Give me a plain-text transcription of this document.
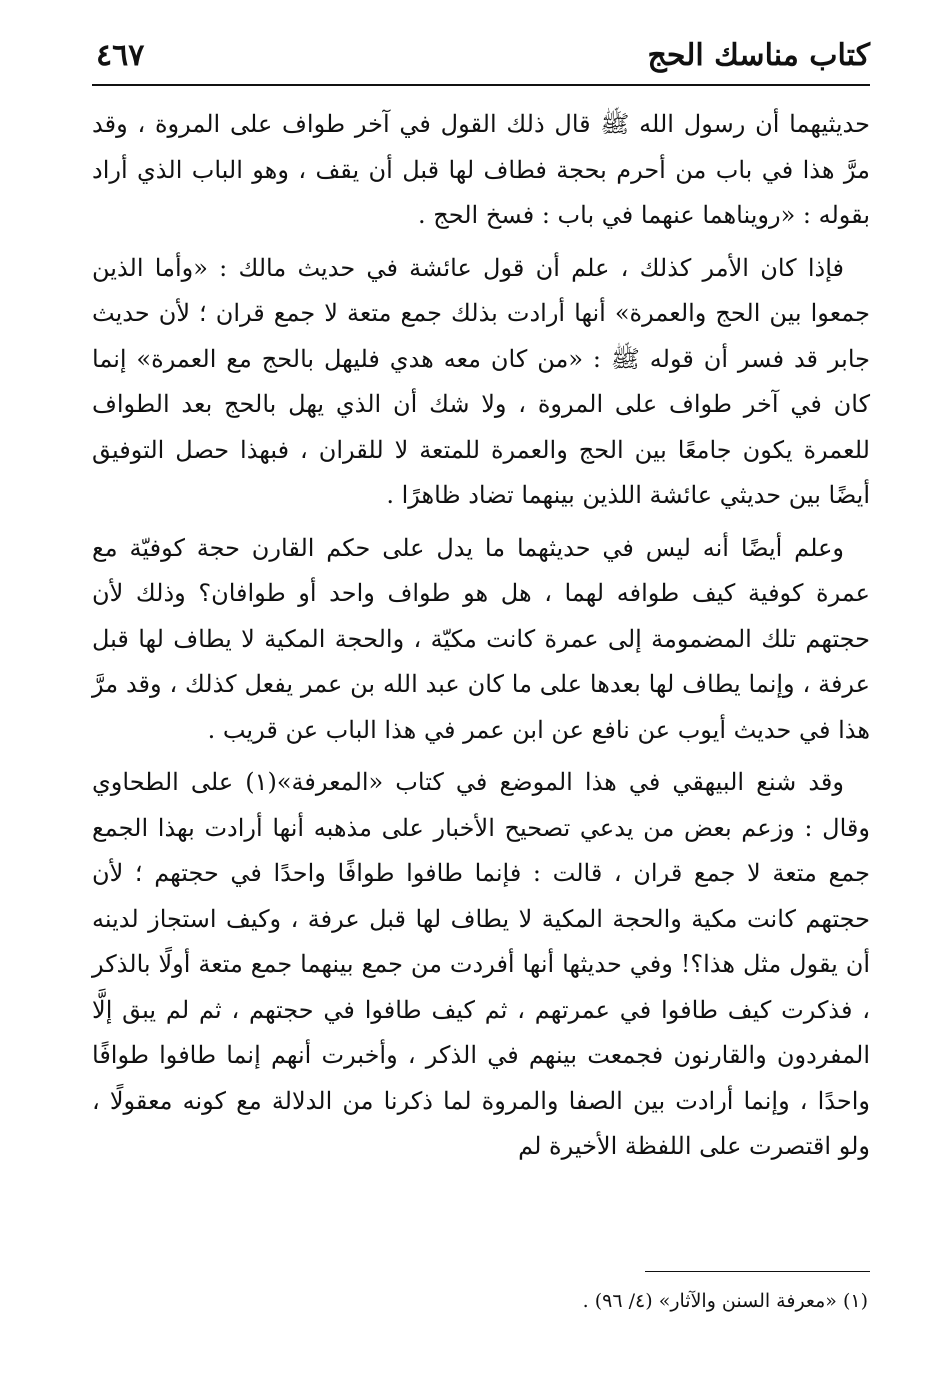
كتاب مناسك الحج
٤٦٧

حديثيهما أن رسول الله ﷺ قال ذلك القول في آخر طواف على المروة ، وقد مرَّ هذا في باب من أحرم بحجة فطاف لها قبل أن يقف ، وهو الباب الذي أراد بقوله : «رويناهما عنهما في باب : فسخ الحج .

فإذا كان الأمر كذلك ، علم أن قول عائشة في حديث مالك : «وأما الذين جمعوا بين الحج والعمرة» أنها أرادت بذلك جمع متعة لا جمع قران ؛ لأن حديث جابر قد فسر أن قوله ﷺ : «من كان معه هدي فليهل بالحج مع العمرة» إنما كان في آخر طواف على المروة ، ولا شك أن الذي يهل بالحج بعد الطواف للعمرة يكون جامعًا بين الحج والعمرة للمتعة لا للقران ، فبهذا حصل التوفيق أيضًا بين حديثي عائشة اللذين بينهما تضاد ظاهرًا .

وعلم أيضًا أنه ليس في حديثهما ما يدل على حكم القارن حجة كوفيّة مع عمرة كوفية كيف طوافه لهما ، هل هو طواف واحد أو طوافان؟ وذلك لأن حجتهم تلك المضمومة إلى عمرة كانت مكيّة ، والحجة المكية لا يطاف لها قبل عرفة ، وإنما يطاف لها بعدها على ما كان عبد الله بن عمر يفعل كذلك ، وقد مرَّ هذا في حديث أيوب عن نافع عن ابن عمر في هذا الباب عن قريب .

وقد شنع البيهقي في هذا الموضع في كتاب «المعرفة»(١) على الطحاوي وقال : وزعم بعض من يدعي تصحيح الأخبار على مذهبه أنها أرادت بهذا الجمع جمع متعة لا جمع قران ، قالت : فإنما طافوا طوافًا واحدًا في حجتهم ؛ لأن حجتهم كانت مكية والحجة المكية لا يطاف لها قبل عرفة ، وكيف استجاز لدينه أن يقول مثل هذا؟! وفي حديثها أنها أفردت من جمع بينهما جمع متعة أولًا بالذكر ، فذكرت كيف طافوا في عمرتهم ، ثم كيف طافوا في حجتهم ، ثم لم يبق إلَّا المفردون والقارنون فجمعت بينهم في الذكر ، وأخبرت أنهم إنما طافوا طوافًا واحدًا ، وإنما أرادت بين الصفا والمروة لما ذكرنا من الدلالة مع كونه معقولًا ، ولو اقتصرت على اللفظة الأخيرة لم

(١) «معرفة السنن والآثار» (٤/ ٩٦) .
